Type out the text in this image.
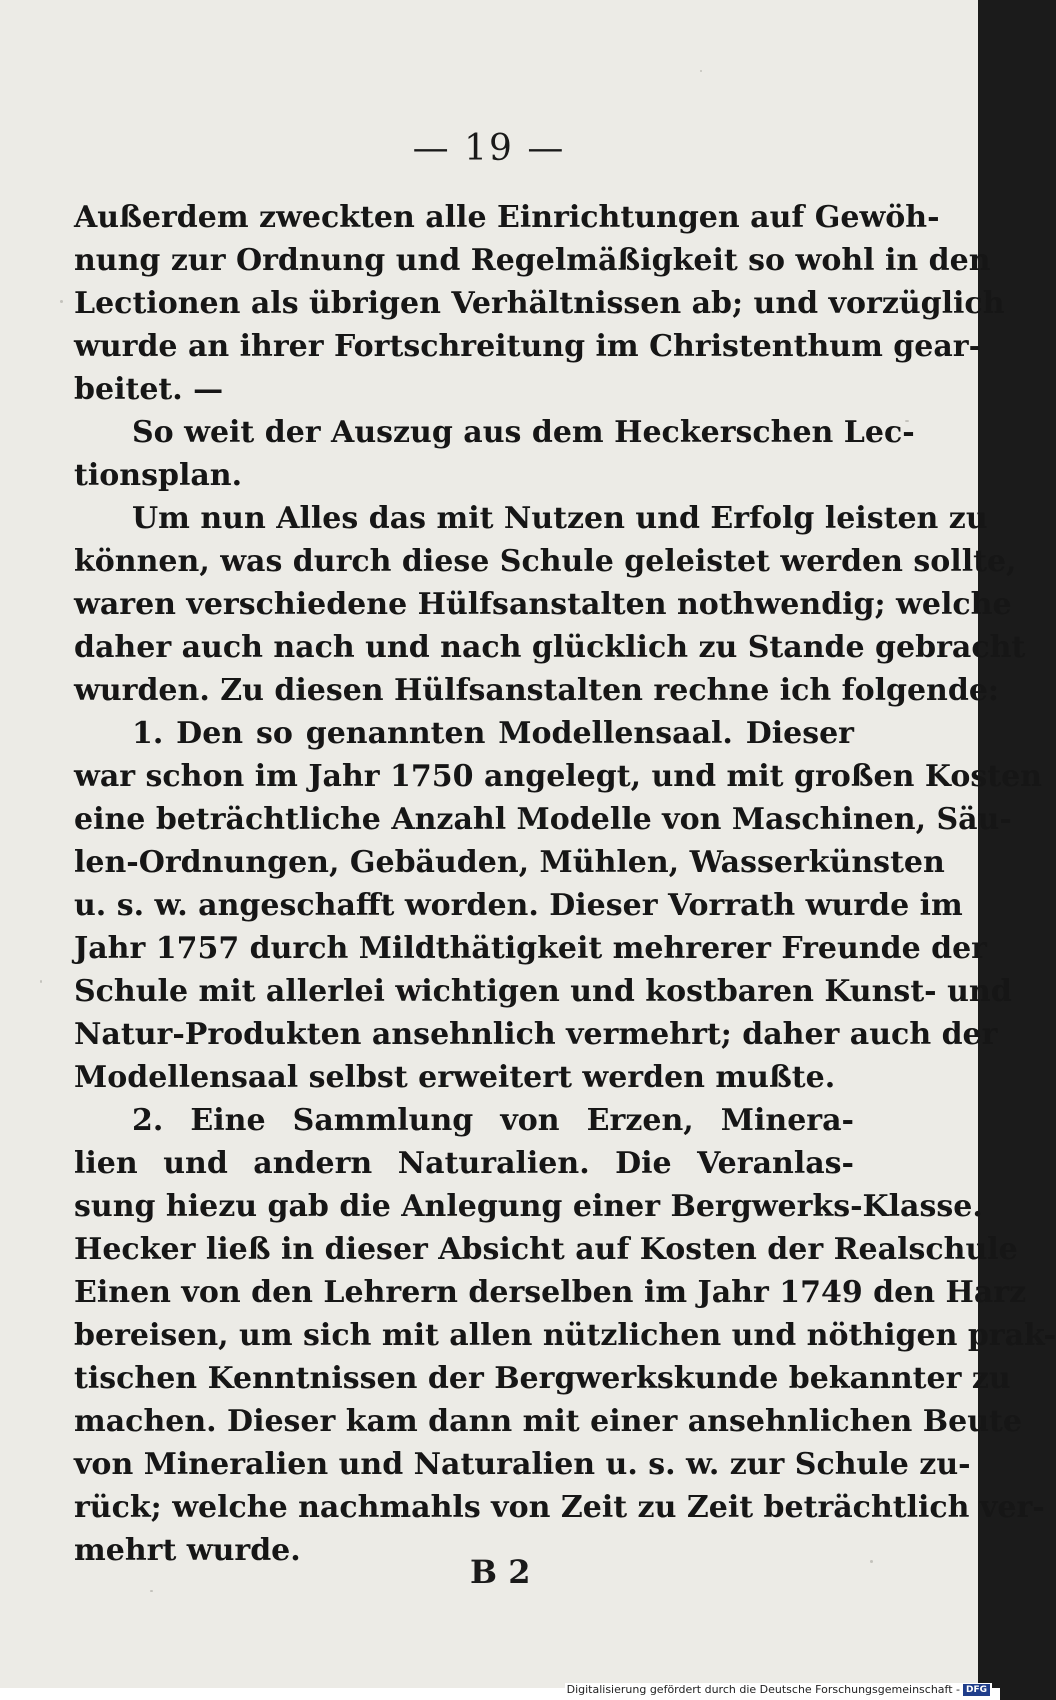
— 19 —
Außerdem zweckten alle Einrichtungen auf Gewöh-
nung zur Ordnung und Regelmäßigkeit so wohl in den
Lectionen als übrigen Verhältnissen ab; und vorzüglich
wurde an ihrer Fortschreitung im Christenthum gear-
beitet. —
So weit der Auszug aus dem Heckerschen Lec-
tionsplan.
Um nun Alles das mit Nutzen und Erfolg leisten zu
können, was durch diese Schule geleistet werden sollte,
waren verschiedene Hülfsanstalten nothwendig; welche
daher auch nach und nach glücklich zu Stande gebracht
wurden. Zu diesen Hülfsanstalten rechne ich folgende:
1. Den so genannten Modellensaal. Dieser
war schon im Jahr 1750 angelegt, und mit großen Kosten
eine beträchtliche Anzahl Modelle von Maschinen, Säu-
len-Ordnungen, Gebäuden, Mühlen, Wasserkünsten
u. s. w. angeschafft worden. Dieser Vorrath wurde im
Jahr 1757 durch Mildthätigkeit mehrerer Freunde der
Schule mit allerlei wichtigen und kostbaren Kunst- und
Natur-Produkten ansehnlich vermehrt; daher auch der
Modellensaal selbst erweitert werden mußte.
2. Eine Sammlung von Erzen, Minera-
lien und andern Naturalien. Die Veranlas-
sung hiezu gab die Anlegung einer Bergwerks-Klasse.
Hecker ließ in dieser Absicht auf Kosten der Realschule
Einen von den Lehrern derselben im Jahr 1749 den Harz
bereisen, um sich mit allen nützlichen und nöthigen prak-
tischen Kenntnissen der Bergwerkskunde bekannter zu
machen. Dieser kam dann mit einer ansehnlichen Beute
von Mineralien und Naturalien u. s. w. zur Schule zu-
rück; welche nachmahls von Zeit zu Zeit beträchtlich ver-
mehrt wurde.
B 2
Digitalisierung gefördert durch die Deutsche Forschungsgemeinschaft - DFG
